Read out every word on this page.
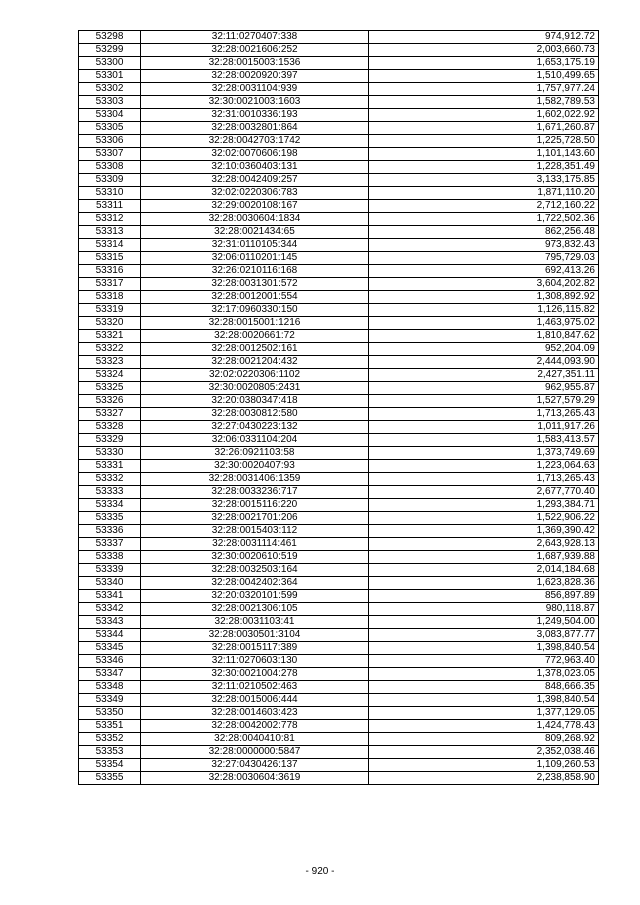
53298	32:11:0270407:338	974,912.72
53299	32:28:0021606:252	2,003,660.73
53300	32:28:0015003:1536	1,653,175.19
53301	32:28:0020920:397	1,510,499.65
53302	32:28:0031104:939	1,757,977.24
53303	32:30:0021003:1603	1,582,789.53
53304	32:31:0010336:193	1,602,022.92
53305	32:28:0032801:864	1,671,260.87
53306	32:28:0042703:1742	1,225,728.50
53307	32:02:0070606:198	1,101,143.60
53308	32:10:0360403:131	1,228,351.49
53309	32:28:0042409:257	3,133,175.85
53310	32:02:0220306:783	1,871,110.20
53311	32:29:0020108:167	2,712,160.22
53312	32:28:0030604:1834	1,722,502.36
53313	32:28:0021434:65	862,256.48
53314	32:31:0110105:344	973,832.43
53315	32:06:0110201:145	795,729.03
53316	32:26:0210116:168	692,413.26
53317	32:28:0031301:572	3,604,202.82
53318	32:28:0012001:554	1,308,892.92
53319	32:17:0960330:150	1,126,115.82
53320	32:28:0015001:1216	1,463,975.02
53321	32:28:0020661:72	1,810,847.62
53322	32:28:0012502:161	952,204.09
53323	32:28:0021204:432	2,444,093.90
53324	32:02:0220306:1102	2,427,351.11
53325	32:30:0020805:2431	962,955.87
53326	32:20:0380347:418	1,527,579.29
53327	32:28:0030812:580	1,713,265.43
53328	32:27:0430223:132	1,011,917.26
53329	32:06:0331104:204	1,583,413.57
53330	32:26:0921103:58	1,373,749.69
53331	32:30:0020407:93	1,223,064.63
53332	32:28:0031406:1359	1,713,265.43
53333	32:28:0033236:717	2,677,770.40
53334	32:28:0015116:220	1,293,384.71
53335	32:28:0021701:206	1,522,906.22
53336	32:28:0015403:112	1,369,390.42
53337	32:28:0031114:461	2,643,928.13
53338	32:30:0020610:519	1,687,939.88
53339	32:28:0032503:164	2,014,184.68
53340	32:28:0042402:364	1,623,828.36
53341	32:20:0320101:599	856,897.89
53342	32:28:0021306:105	980,118.87
53343	32:28:0031103:41	1,249,504.00
53344	32:28:0030501:3104	3,083,877.77
53345	32:28:0015117:389	1,398,840.54
53346	32:11:0270603:130	772,963.40
53347	32:30:0021004:278	1,378,023.05
53348	32:11:0210502:463	848,666.35
53349	32:28:0015006:444	1,398,840.54
53350	32:28:0014603:423	1,377,129.05
53351	32:28:0042002:778	1,424,778.43
53352	32:28:0040410:81	809,268.92
53353	32:28:0000000:5847	2,352,038.46
53354	32:27:0430426:137	1,109,260.53
53355	32:28:0030604:3619	2,238,858.90
- 920 -
